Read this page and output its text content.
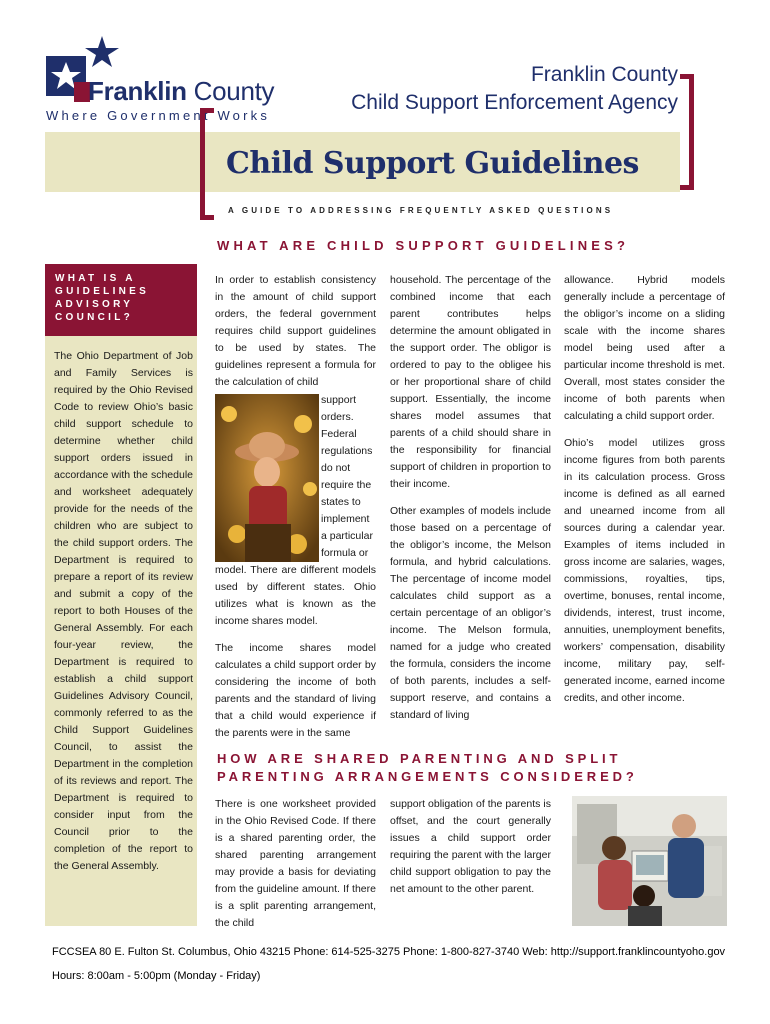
Franklin County
Where Government Works
Franklin County
Child Support Enforcement Agency
Child Support Guidelines
A GUIDE TO ADDRESSING FREQUENTLY ASKED QUESTIONS
WHAT ARE CHILD SUPPORT GUIDELINES?
WHAT IS A GUIDELINES ADVISORY COUNCIL?
The Ohio Department of Job and Family Services is required by the Ohio Revised Code to review Ohio’s basic child support schedule to determine whether child support orders issued in accordance with the schedule and worksheet adequately provide for the needs of the children who are subject to the child support orders. The Department is required to prepare a report of its review and submit a copy of the report to both Houses of the General Assembly. For each four-year review, the Department is required to establish a child support Guidelines Advisory Council, commonly referred to as the Child Support Guidelines Council, to assist the Department in the completion of its reviews and report. The Department is required to consider input from the Council prior to the completion of the report to the General Assembly.

In order to establish consistency in the amount of child support orders, the federal government requires child support guidelines to be used by states. The guidelines represent a formula for the calculation of child

support orders. Federal regulations do not require the states to implement a particular formula or

model. There are different models used by different states. Ohio utilizes what is known as the income shares model.

The income shares model calculates a child support order by considering the income of both parents and the standard of living that a child would experience if the parents were in the same

household. The percentage of the combined income that each parent contributes helps determine the amount obligated in the support order. The obligor is ordered to pay to the obligee his or her proportional share of child support. Essentially, the income shares model assumes that parents of a child should share in the responsibility for financial support of children in proportion to their income.

Other examples of models include those based on a percentage of the obligor’s income, the Melson formula, and hybrid calculations. The percentage of income model calculates child support as a certain percentage of an obligor’s income. The Melson formula, named for a judge who created the formula, considers the income of both parents, includes a self-support reserve, and contains a standard of living

allowance. Hybrid models generally include a percentage of the obligor’s income on a sliding scale with the income shares model being used after a particular income threshold is met. Overall, most states consider the income of both parents when calculating a child support order.

Ohio’s model utilizes gross income figures from both parents in its calculation process. Gross income is defined as all earned and unearned income from all sources during a calendar year. Examples of items included in gross income are salaries, wages, commissions, royalties, tips, overtime, bonuses, rental income, dividends, interest, trust income, annuities, unemployment benefits, workers’ compensation, disability income, military pay, self-generated income, earned income credits, and other income.

HOW ARE SHARED PARENTING AND SPLIT
PARENTING ARRANGEMENTS CONSIDERED?
There is one worksheet provided in the Ohio Revised Code. If there is a shared parenting order, the shared parenting arrangement may provide a basis for deviating from the guideline amount. If there is a split parenting arrangement, the child
support obligation of the parents is offset, and the court generally issues a child support order requiring the parent with the larger child support obligation to pay the net amount to the other parent.
FCCSEA 80 E. Fulton St. Columbus, Ohio 43215 Phone: 614-525-3275 Phone: 1-800-827-3740 Web: http://support.franklincountyoho.gov
Hours: 8:00am - 5:00pm (Monday - Friday)
